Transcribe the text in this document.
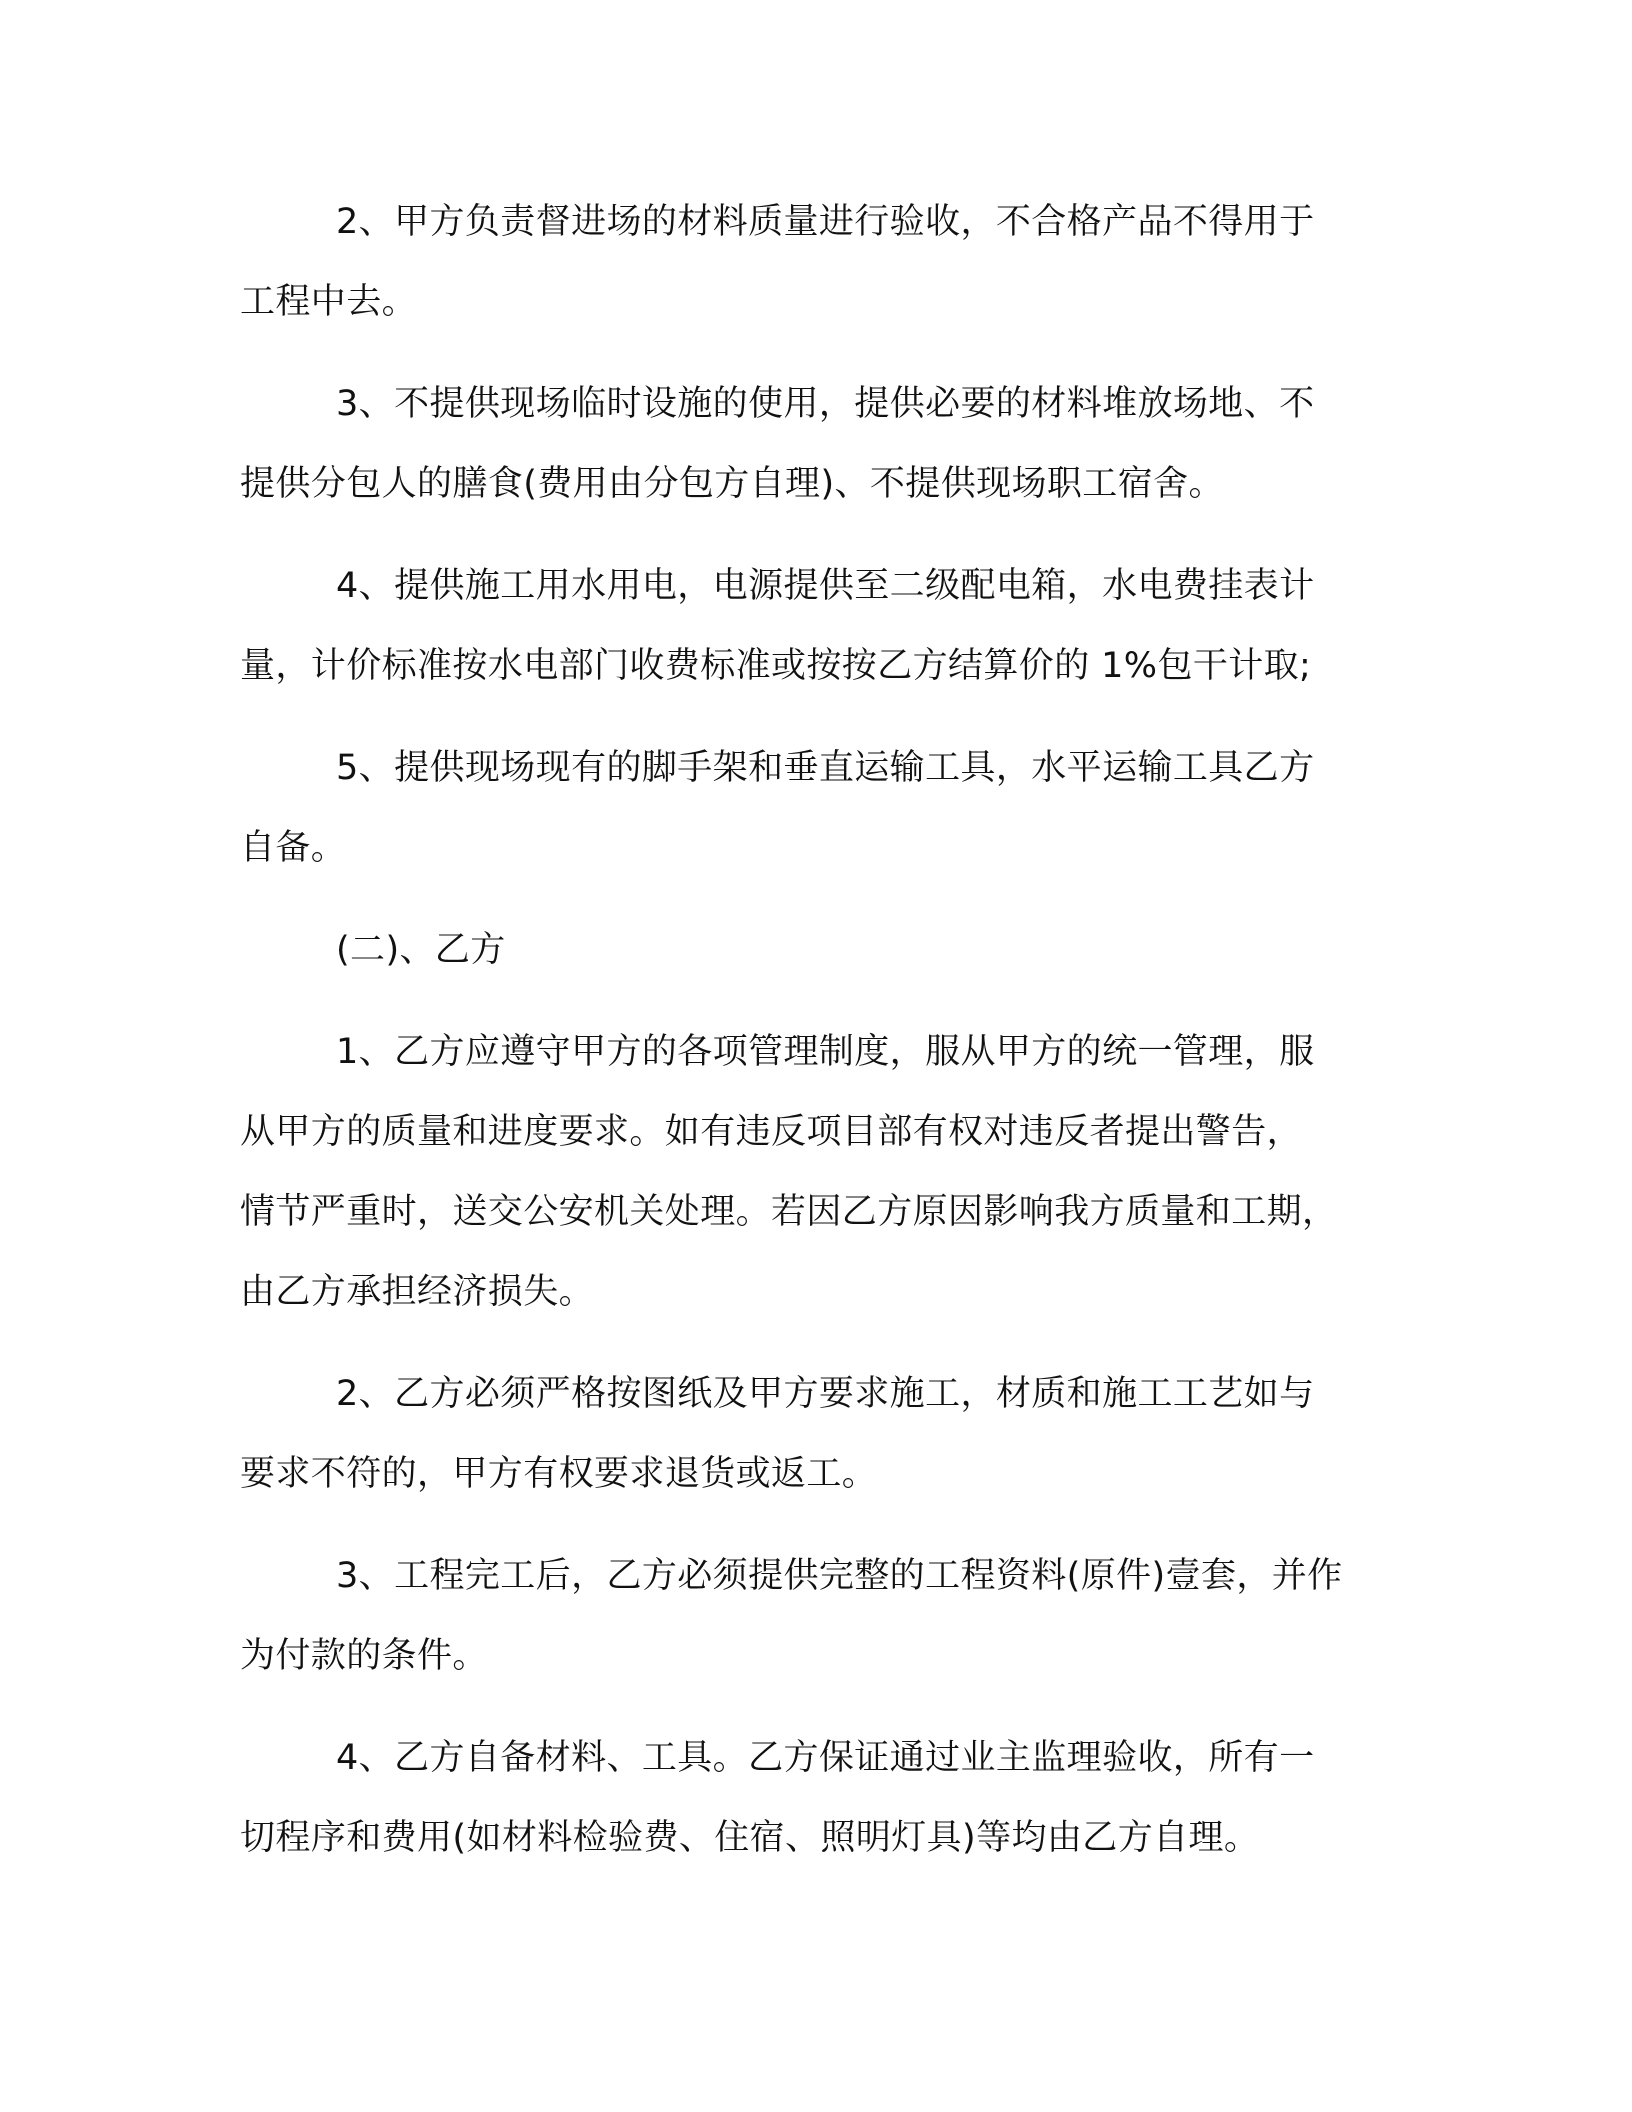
2、甲方负责督进场的材料质量进行验收，不合格产品不得用于
工程中去。

3、不提供现场临时设施的使用，提供必要的材料堆放场地、不
提供分包人的膳食(费用由分包方自理)、不提供现场职工宿舍。

4、提供施工用水用电，电源提供至二级配电箱，水电费挂表计
量，计价标准按水电部门收费标准或按按乙方结算价的 1%包干计取;

5、提供现场现有的脚手架和垂直运输工具，水平运输工具乙方
自备。

(二)、乙方

1、乙方应遵守甲方的各项管理制度，服从甲方的统一管理，服
从甲方的质量和进度要求。如有违反项目部有权对违反者提出警告，
情节严重时，送交公安机关处理。若因乙方原因影响我方质量和工期，
由乙方承担经济损失。

2、乙方必须严格按图纸及甲方要求施工，材质和施工工艺如与
要求不符的，甲方有权要求退货或返工。

3、工程完工后，乙方必须提供完整的工程资料(原件)壹套，并作
为付款的条件。

4、乙方自备材料、工具。乙方保证通过业主监理验收，所有一
切程序和费用(如材料检验费、住宿、照明灯具)等均由乙方自理。
